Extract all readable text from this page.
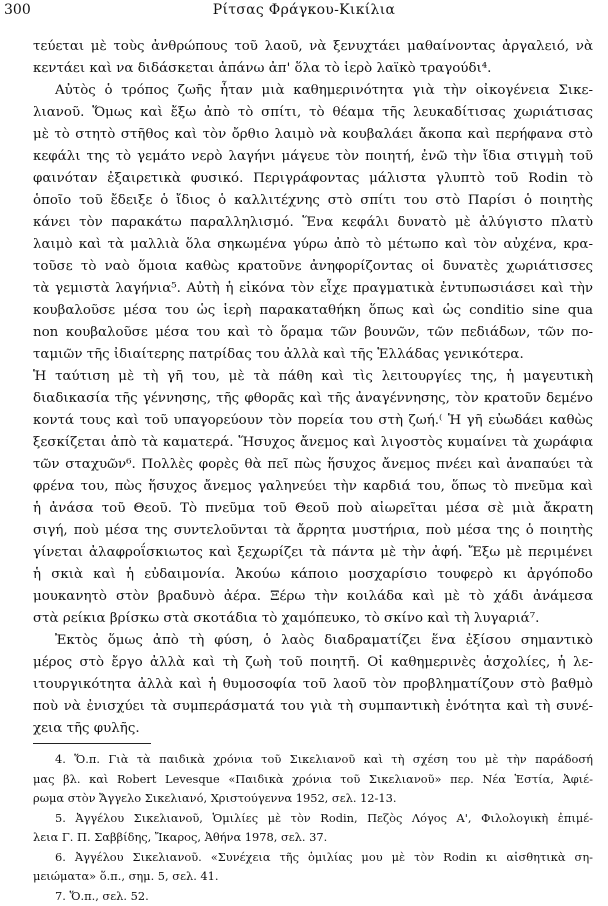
300	Ρίτσας Φράγκου-Κικίλια
τεύεται μὲ τοὺς ἀνθρώπους τοῦ λαοῦ, νὰ ξενυχτάει μαθαίνοντας ἀργαλειό, νὰ
κεντάει καὶ να διδάσκεται ἀπάνω ἀπ' ὅλα τὸ ἱερὸ λαϊκὸ τραγούδι⁴.
Αὐτὸς ὁ τρόπος ζωῆς ἦταν μιὰ καθημερινότητα γιὰ τὴν οἰκογένεια Σικε-
λιανοῦ. Ὅμως καὶ ἔξω ἀπὸ τὸ σπίτι, τὸ θέαμα τῆς λευκαδίτισας χωριάτισας
μὲ τὸ στητὸ στῆθος καὶ τὸν ὄρθιο λαιμὸ νὰ κουβαλάει ἄκοπα καὶ περήφανα στὸ
κεφάλι της τὸ γεμάτο νερὸ λαγήνι μάγευε τὸν ποιητή, ἐνῶ τὴν ἴδια στιγμὴ τοῦ
φαινόταν ἐξαιρετικὰ φυσικό. Περιγράφοντας μάλιστα γλυπτὸ τοῦ Rodin τὸ
ὁποῖο τοῦ ἔδειξε ὁ ἴδιος ὁ καλλιτέχνης στὸ σπίτι του στὸ Παρίσι ὁ ποιητὴς
κάνει τὸν παρακάτω παραλληλισμό. Ἕνα κεφάλι δυνατὸ μὲ ἀλύγιστο πλατὺ
λαιμὸ καὶ τὰ μαλλιὰ ὅλα σηκωμένα γύρω ἀπὸ τὸ μέτωπο καὶ τὸν αὐχένα, κρα-
τοῦσε τὸ ναὸ ὅμοια καθὼς κρατοῦνε ἀνηφορίζοντας οἱ δυνατὲς χωριάτισσες
τὰ γεμιστὰ λαγήνια⁵. Αὐτὴ ἡ εἰκόνα τὸν εἶχε πραγματικὰ ἐντυπωσιάσει καὶ τὴν
κουβαλοῦσε μέσα του ὡς ἱερὴ παρακαταθήκη ὅπως καὶ ὡς conditio sine qua
non κουβαλοῦσε μέσα του καὶ τὸ ὅραμα τῶν βουνῶν, τῶν πεδιάδων, τῶν πο-
ταμιῶν τῆς ἰδιαίτερης πατρίδας του ἀλλὰ καὶ τῆς Ἑλλάδας γενικότερα.
Ἡ ταύτιση μὲ τὴ γῆ του, μὲ τὰ πάθη καὶ τὶς λειτουργίες της, ἡ μαγευτικὴ
διαδικασία τῆς γέννησης, τῆς φθορᾶς καὶ τῆς ἀναγέννησης, τὸν κρατοῦν δεμένο
κοντά τους καὶ τοῦ υπαγορεύουν τὸν πορεία του στὴ ζωή.⁽ Ἡ γῆ εὐωδάει καθὼς
ξεσκίζεται ἀπὸ τὰ καματερά. Ἥσυχος ἄνεμος καὶ λιγοστὸς κυμαίνει τὰ χωράφια
τῶν σταχυῶν⁶. Πολλὲς φορὲς θὰ πεῖ πὼς ἥσυχος ἄνεμος πνέει καὶ ἀναπαύει τὰ
φρένα του, πὼς ἥσυχος ἄνεμος γαληνεύει τὴν καρδιά του, ὅπως τὸ πνεῦμα καὶ
ἡ ἀνάσα τοῦ Θεοῦ. Τὸ πνεῦμα τοῦ Θεοῦ ποὺ αἰωρεῖται μέσα σὲ μιὰ ἄκρατη
σιγή, ποὺ μέσα της συντελοῦνται τὰ ἄρρητα μυστήρια, ποὺ μέσα της ὁ ποιητὴς
γίνεται ἀλαφροΐσκιωτος καὶ ξεχωρίζει τὰ πάντα μὲ τὴν ἀφή. Ἔξω μὲ περιμένει
ἡ σκιὰ καὶ ἡ εὐδαιμονία. Ἀκούω κάποιο μοσχαρίσιο τουφερὸ κι ἀργόποδο
μουκανητὸ στὸν βραδυνὸ ἀέρα. Ξέρω τὴν κοιλάδα καὶ μὲ τὸ χάδι ἀνάμεσα
στὰ ρείκια βρίσκω στὰ σκοτάδια τὸ χαμόπευκο, τὸ σκίνο καὶ τὴ λυγαριά⁷.
Ἐκτὸς ὅμως ἀπὸ τὴ φύση, ὁ λαὸς διαδραματίζει ἕνα ἐξίσου σημαντικὸ
μέρος στὸ ἔργο ἀλλὰ καὶ τὴ ζωὴ τοῦ ποιητῆ. Οἱ καθημερινὲς ἀσχολίες, ἡ λε-
ιτουργικότητα ἀλλὰ καὶ ἡ θυμοσοφία τοῦ λαοῦ τὸν προβληματίζουν στὸ βαθμὸ
ποὺ νὰ ἐνισχύει τὰ συμπεράσματά του γιὰ τὴ συμπαντικὴ ἑνότητα καὶ τὴ συνέ-
χεια τῆς φυλῆς.
4. Ὅ.π. Γιὰ τὰ παιδικὰ χρόνια τοῦ Σικελιανοῦ καὶ τὴ σχέση του μὲ τὴν παράδοσή
μας βλ. καὶ Robert Levesque «Παιδικὰ χρόνια τοῦ Σικελιανοῦ» περ. Νέα Ἑστία, Ἀφιέ-
ρωμα στὸν Ἄγγελο Σικελιανό, Χριστούγεννα 1952, σελ. 12-13.
5. Ἀγγέλου Σικελιανοῦ, Ὁμιλίες μὲ τὸν Rodin, Πεζὸς Λόγος Α', Φιλολογικὴ ἐπιμέ-
λεια Γ. Π. Σαββίδης, Ἴκαρος, Ἀθήνα 1978, σελ. 37.
6. Ἀγγέλου Σικελιανοῦ. «Συνέχεια τῆς ὁμιλίας μου μὲ τὸν Rodin κι αἰσθητικὰ ση-
μειώματα» ὅ.π., σημ. 5, σελ. 41.
7. Ὅ.π., σελ. 52.
